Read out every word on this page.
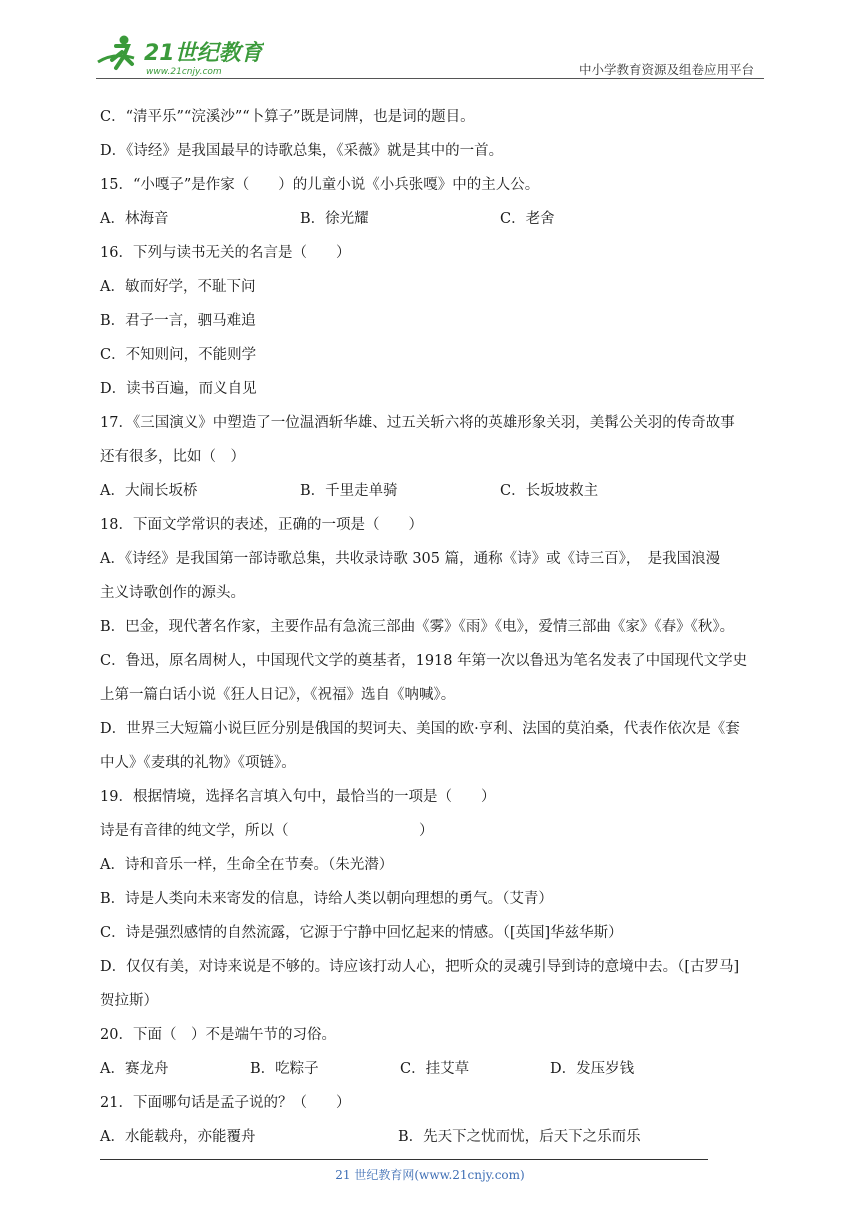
21世纪教育
www.21cnjy.com	中小学教育资源及组卷应用平台
C．“清平乐”“浣溪沙”“卜算子”既是词牌，也是词的题目。
D．《诗经》是我国最早的诗歌总集，《采薇》就是其中的一首。
15．“小嘎子”是作家（　　）的儿童小说《小兵张嘎》中的主人公。
A．林海音	B．徐光耀	C．老舍
16．下列与读书无关的名言是（　　）
A．敏而好学，不耻下问
B．君子一言，驷马难追
C．不知则问，不能则学
D．读书百遍，而义自见
17．《三国演义》中塑造了一位温酒斩华雄、过五关斩六将的英雄形象关羽，美髯公关羽的传奇故事
还有很多，比如（　）
A．大闹长坂桥	B．千里走单骑	C．长坂坡救主
18．下面文学常识的表述，正确的一项是（　　）
A．《诗经》是我国第一部诗歌总集，共收录诗歌 305 篇，通称《诗》或《诗三百》，　是我国浪漫
主义诗歌创作的源头。
B．巴金，现代著名作家，主要作品有急流三部曲《雾》《雨》《电》，爱情三部曲《家》《春》《秋》。
C．鲁迅，原名周树人，中国现代文学的奠基者，1918 年第一次以鲁迅为笔名发表了中国现代文学史
上第一篇白话小说《狂人日记》，《祝福》选自《呐喊》。
D．世界三大短篇小说巨匠分别是俄国的契诃夫、美国的欧·亨利、法国的莫泊桑，代表作依次是《套
中人》《麦琪的礼物》《项链》。
19．根据情境，选择名言填入句中，最恰当的一项是（　　）
诗是有音律的纯文学，所以（　　　　　　　　　）
A．诗和音乐一样，生命全在节奏。（朱光潜）
B．诗是人类向未来寄发的信息，诗给人类以朝向理想的勇气。（艾青）
C．诗是强烈感情的自然流露，它源于宁静中回忆起来的情感。（[英国]华兹华斯）
D．仅仅有美，对诗来说是不够的。诗应该打动人心，把听众的灵魂引导到诗的意境中去。（[古罗马]
贺拉斯）
20．下面（　）不是端午节的习俗。
A．赛龙舟	B．吃粽子	C．挂艾草	D．发压岁钱
21．下面哪句话是孟子说的？（　　）
A．水能载舟，亦能覆舟	B．先天下之忧而忧，后天下之乐而乐
21 世纪教育网(www.21cnjy.com)
